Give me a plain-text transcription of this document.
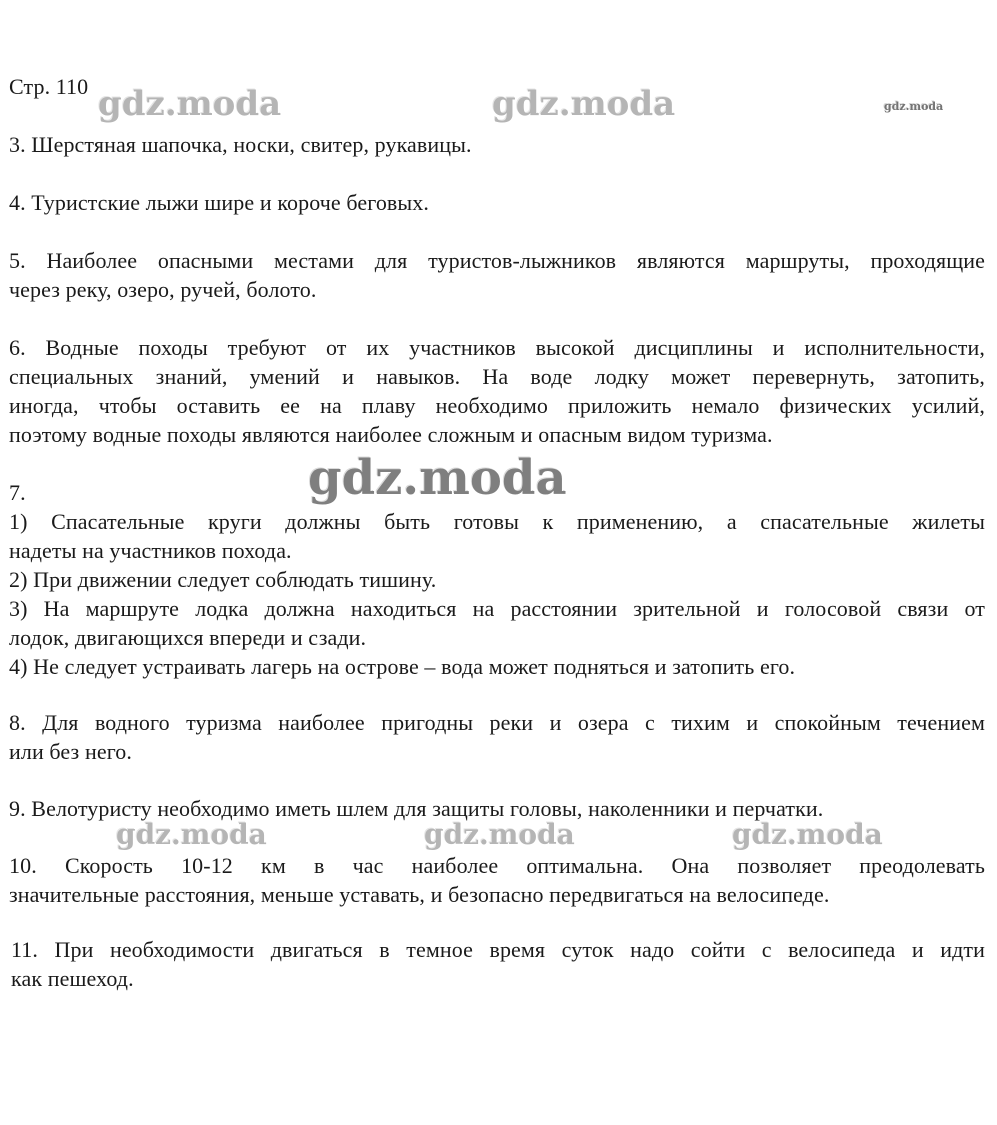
gdz.moda	gdz.moda	gdz.moda
gdz.moda
gdz.moda	gdz.moda	gdz.moda
Стр. 110
3. Шерстяная шапочка, носки, свитер, рукавицы.
4. Туристские лыжи шире и короче беговых.
5. Наиболее опасными местами для туристов-лыжников являются маршруты, проходящие
через реку, озеро, ручей, болото.
6. Водные походы требуют от их участников высокой дисциплины и исполнительности,
специальных знаний, умений и навыков. На воде лодку может перевернуть, затопить,
иногда, чтобы оставить ее на плаву необходимо приложить немало физических усилий,
поэтому водные походы являются наиболее сложным и опасным видом туризма.
7.
1) Спасательные круги должны быть готовы к применению, а спасательные жилеты
надеты на участников похода.
2) При движении следует соблюдать тишину.
3) На маршруте лодка должна находиться на расстоянии зрительной и голосовой связи от
лодок, двигающихся впереди и сзади.
4) Не следует устраивать лагерь на острове – вода может подняться и затопить его.
8. Для водного туризма наиболее пригодны реки и озера с тихим и спокойным течением
или без него.
9. Велотуристу необходимо иметь шлем для защиты головы, наколенники и перчатки.
10. Скорость 10-12 км в час наиболее оптимальна. Она позволяет преодолевать
значительные расстояния, меньше уставать, и безопасно передвигаться на велосипеде.
11. При необходимости двигаться в темное время суток надо сойти с велосипеда и идти
как пешеход.
